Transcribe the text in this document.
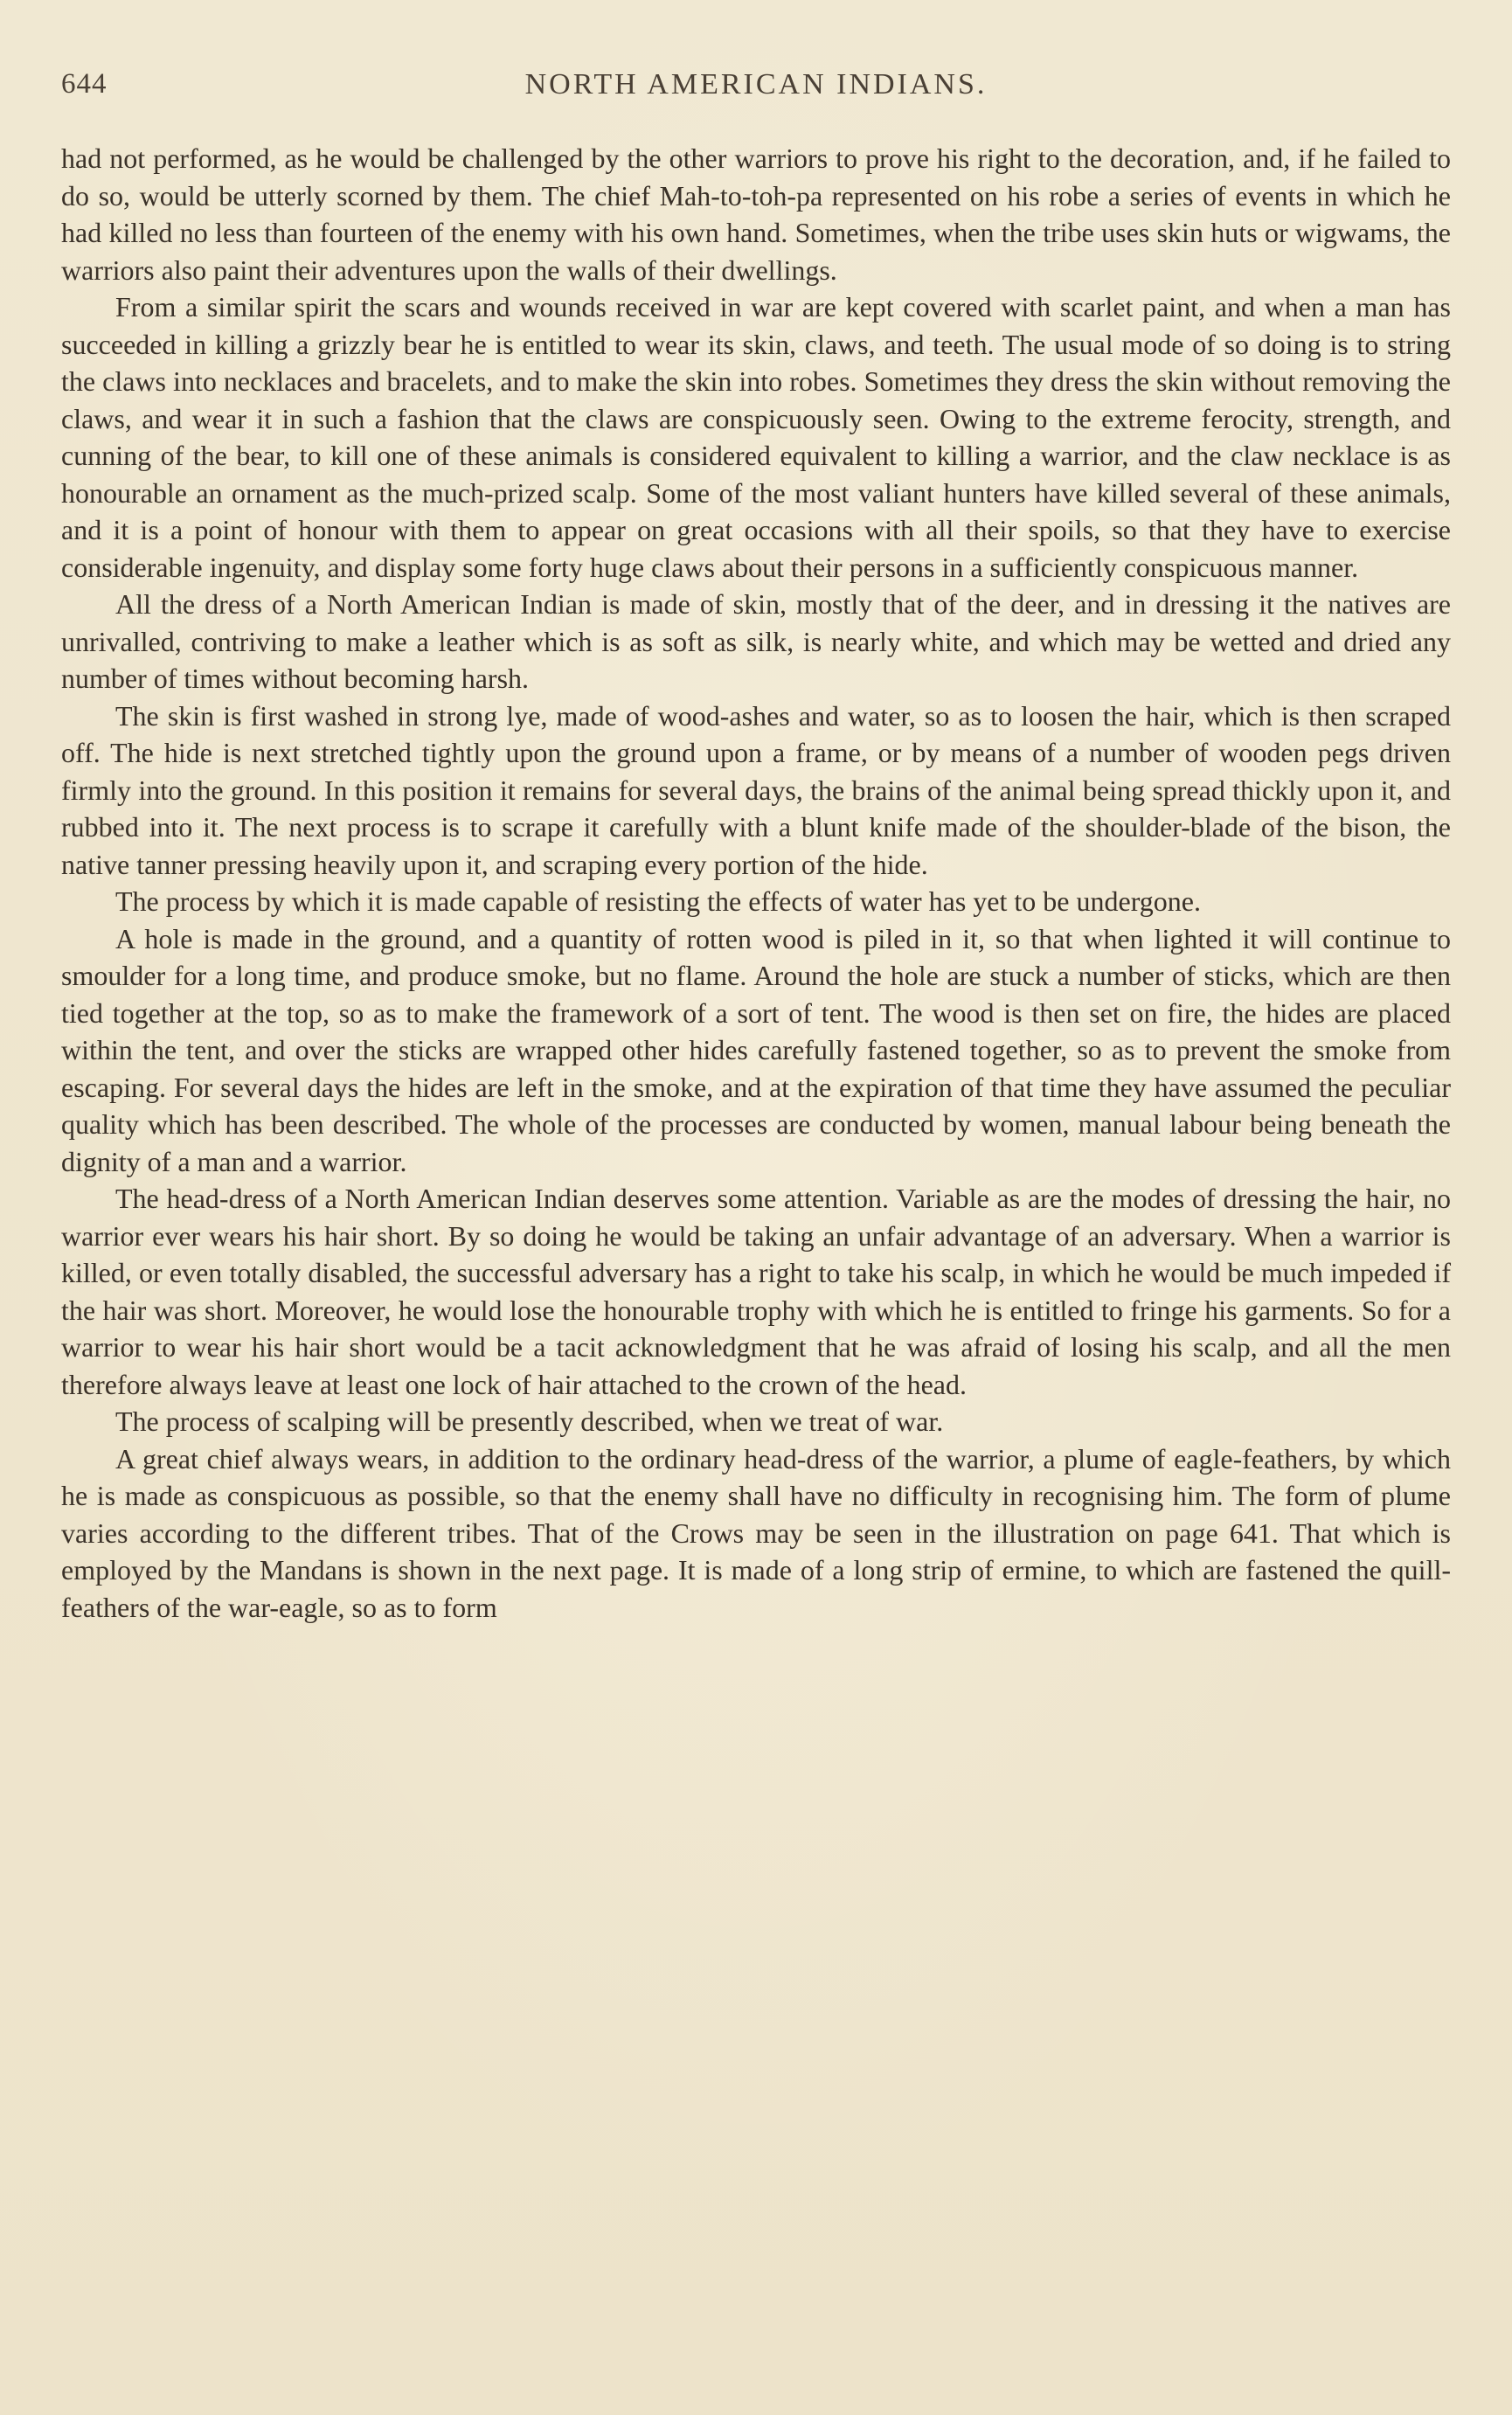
644	NORTH AMERICAN INDIANS.

had not performed, as he would be challenged by the other warriors to prove his right to the decoration, and, if he failed to do so, would be utterly scorned by them. The chief Mah-to-toh-pa represented on his robe a series of events in which he had killed no less than fourteen of the enemy with his own hand. Sometimes, when the tribe uses skin huts or wigwams, the warriors also paint their adventures upon the walls of their dwellings.

From a similar spirit the scars and wounds received in war are kept covered with scarlet paint, and when a man has succeeded in killing a grizzly bear he is entitled to wear its skin, claws, and teeth. The usual mode of so doing is to string the claws into necklaces and bracelets, and to make the skin into robes. Sometimes they dress the skin without removing the claws, and wear it in such a fashion that the claws are conspicuously seen. Owing to the extreme ferocity, strength, and cunning of the bear, to kill one of these animals is considered equivalent to killing a warrior, and the claw necklace is as honourable an ornament as the much-prized scalp. Some of the most valiant hunters have killed several of these animals, and it is a point of honour with them to appear on great occasions with all their spoils, so that they have to exercise considerable ingenuity, and display some forty huge claws about their persons in a sufficiently conspicuous manner.

All the dress of a North American Indian is made of skin, mostly that of the deer, and in dressing it the natives are unrivalled, contriving to make a leather which is as soft as silk, is nearly white, and which may be wetted and dried any number of times without becoming harsh.

The skin is first washed in strong lye, made of wood-ashes and water, so as to loosen the hair, which is then scraped off. The hide is next stretched tightly upon the ground upon a frame, or by means of a number of wooden pegs driven firmly into the ground. In this position it remains for several days, the brains of the animal being spread thickly upon it, and rubbed into it. The next process is to scrape it carefully with a blunt knife made of the shoulder-blade of the bison, the native tanner pressing heavily upon it, and scraping every portion of the hide.

The process by which it is made capable of resisting the effects of water has yet to be undergone.

A hole is made in the ground, and a quantity of rotten wood is piled in it, so that when lighted it will continue to smoulder for a long time, and produce smoke, but no flame. Around the hole are stuck a number of sticks, which are then tied together at the top, so as to make the framework of a sort of tent. The wood is then set on fire, the hides are placed within the tent, and over the sticks are wrapped other hides carefully fastened together, so as to prevent the smoke from escaping. For several days the hides are left in the smoke, and at the expiration of that time they have assumed the peculiar quality which has been described. The whole of the processes are conducted by women, manual labour being beneath the dignity of a man and a warrior.

The head-dress of a North American Indian deserves some attention. Variable as are the modes of dressing the hair, no warrior ever wears his hair short. By so doing he would be taking an unfair advantage of an adversary. When a warrior is killed, or even totally disabled, the successful adversary has a right to take his scalp, in which he would be much impeded if the hair was short. Moreover, he would lose the honourable trophy with which he is entitled to fringe his garments. So for a warrior to wear his hair short would be a tacit acknowledgment that he was afraid of losing his scalp, and all the men therefore always leave at least one lock of hair attached to the crown of the head.

The process of scalping will be presently described, when we treat of war.

A great chief always wears, in addition to the ordinary head-dress of the warrior, a plume of eagle-feathers, by which he is made as conspicuous as possible, so that the enemy shall have no difficulty in recognising him. The form of plume varies according to the different tribes. That of the Crows may be seen in the illustration on page 641. That which is employed by the Mandans is shown in the next page. It is made of a long strip of ermine, to which are fastened the quill-feathers of the war-eagle, so as to form
